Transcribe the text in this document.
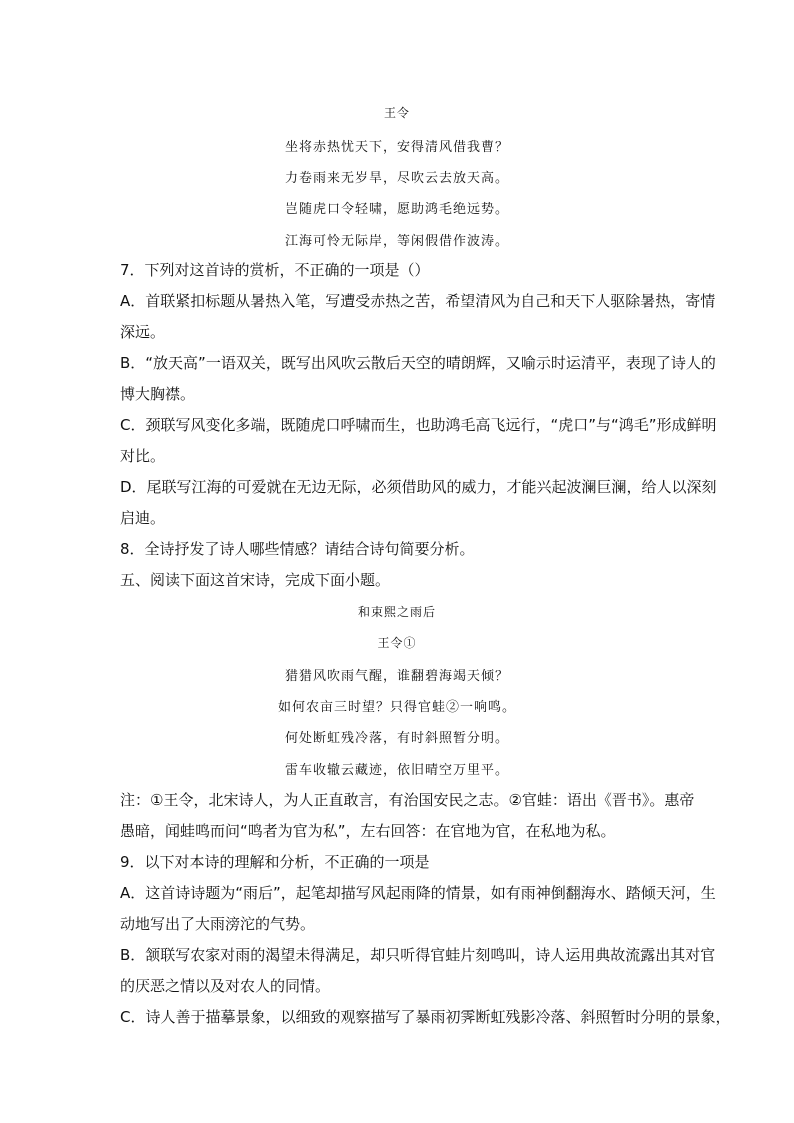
王令
坐将赤热忧天下，安得清风借我曹？
力卷雨来无岁旱，尽吹云去放天高。
岂随虎口令轻啸，愿助鸿毛绝远势。
江海可怜无际岸，等闲假借作波涛。
7．下列对这首诗的赏析，不正确的一项是（）
A．首联紧扣标题从暑热入笔，写遭受赤热之苦，希望清风为自己和天下人驱除暑热，寄情
深远。
B．“放天高”一语双关，既写出风吹云散后天空的晴朗辉，又喻示时运清平，表现了诗人的
博大胸襟。
C．颈联写风变化多端，既随虎口呼啸而生，也助鸿毛高飞远行，“虎口”与“鸿毛”形成鲜明
对比。
D．尾联写江海的可爱就在无边无际，必须借助风的威力，才能兴起波澜巨澜，给人以深刻
启迪。
8．全诗抒发了诗人哪些情感？请结合诗句简要分析。
五、阅读下面这首宋诗，完成下面小题。
和束熙之雨后
王令①
猎猎风吹雨气醒，谁翻碧海竭天倾？
如何农亩三时望？只得官蛙②一响鸣。
何处断虹残冷落，有时斜照暂分明。
雷车收辙云藏迹，依旧晴空万里平。
注：①王令，北宋诗人，为人正直敢言，有治国安民之志。②官蛙：语出《晋书》。惠帝
愚暗，闻蛙鸣而问“鸣者为官为私”，左右回答：在官地为官，在私地为私。
9．以下对本诗的理解和分析，不正确的一项是
A．这首诗诗题为“雨后”，起笔却描写风起雨降的情景，如有雨神倒翻海水、踏倾天河，生
动地写出了大雨滂沱的气势。
B．颔联写农家对雨的渴望未得满足，却只听得官蛙片刻鸣叫，诗人运用典故流露出其对官
的厌恶之情以及对农人的同情。
C．诗人善于描摹景象，以细致的观察描写了暴雨初霁断虹残影冷落、斜照暂时分明的景象，
